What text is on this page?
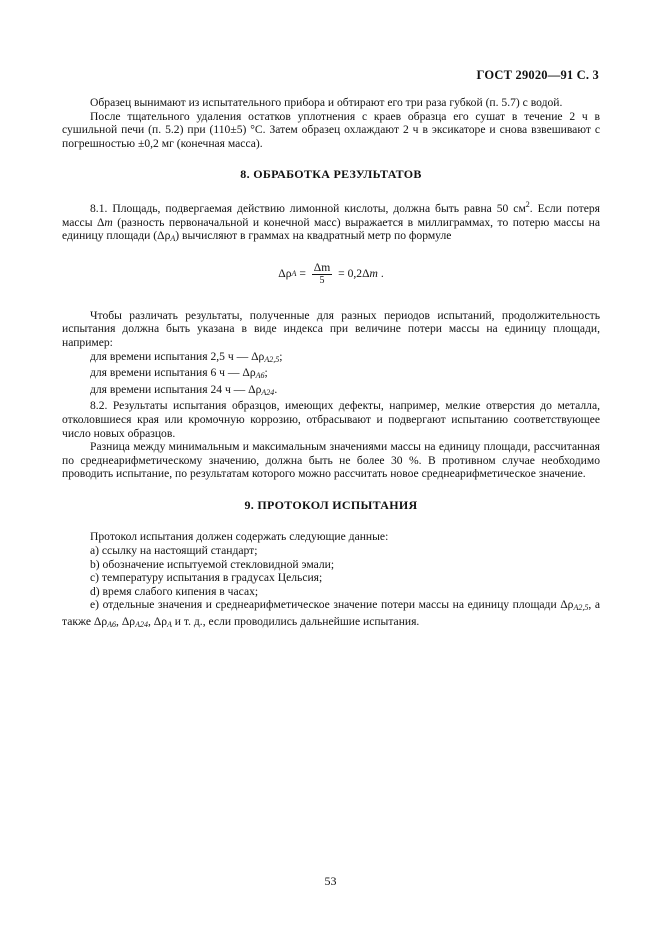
ГОСТ 29020—91 С. 3

Образец вынимают из испытательного прибора и обтирают его три раза губкой (п. 5.7) с водой.

После тщательного удаления остатков уплотнения с краев образца его сушат в течение 2 ч в сушильной печи (п. 5.2) при (110±5) °С. Затем образец охлаждают 2 ч в эксикаторе и снова взвешивают с погрешностью ±0,2 мг (конечная масса).

8. ОБРАБОТКА РЕЗУЛЬТАТОВ

8.1. Площадь, подвергаемая действию лимонной кислоты, должна быть равна 50 $см^2$. Если потеря массы Δm (разность первоначальной и конечной масс) выражается в миллиграммах, то потерю массы на единицу площади $(\Delta\rho_A)$ вычисляют в граммах на квадратный метр по формуле

Δρ $A = \frac{\Delta m}{5} = 0,2\Delta$ m .

Чтобы различать результаты, полученные для разных периодов испытаний, продолжительность испытания должна быть указана в виде индекса при величине потери массы на единицу площади, например:

для времени испытания 2,5 ч — $\Delta\rho_{A2,5}$;

для времени испытания 6 ч — $\Delta\rho_{A6}$;

для времени испытания 24 ч — $\Delta\rho_{A24}$.

8.2. Результаты испытания образцов, имеющих дефекты, например, мелкие отверстия до металла, отколовшиеся края или кромочную коррозию, отбрасывают и подвергают испытанию соответствующее число новых образцов.

Разница между минимальным и максимальным значениями массы на единицу площади, рассчитанная по среднеарифметическому значению, должна быть не более 30 %. В противном случае необходимо проводить испытание, по результатам которого можно рассчитать новое среднеарифметическое значение.

9. ПРОТОКОЛ ИСПЫТАНИЯ

Протокол испытания должен содержать следующие данные:

a) ссылку на настоящий стандарт;

b) обозначение испытуемой стекловидной эмали;

c) температуру испытания в градусах Цельсия;

d) время слабого кипения в часах;

e) отдельные значения и среднеарифметическое значение потери массы на единицу площади $\Delta\rho_{A2,5}$, а также $\Delta\rho_{A6}$, $\Delta\rho_{A24}$, $\Delta\rho_A$ и т. д., если проводились дальнейшие испытания.

53
